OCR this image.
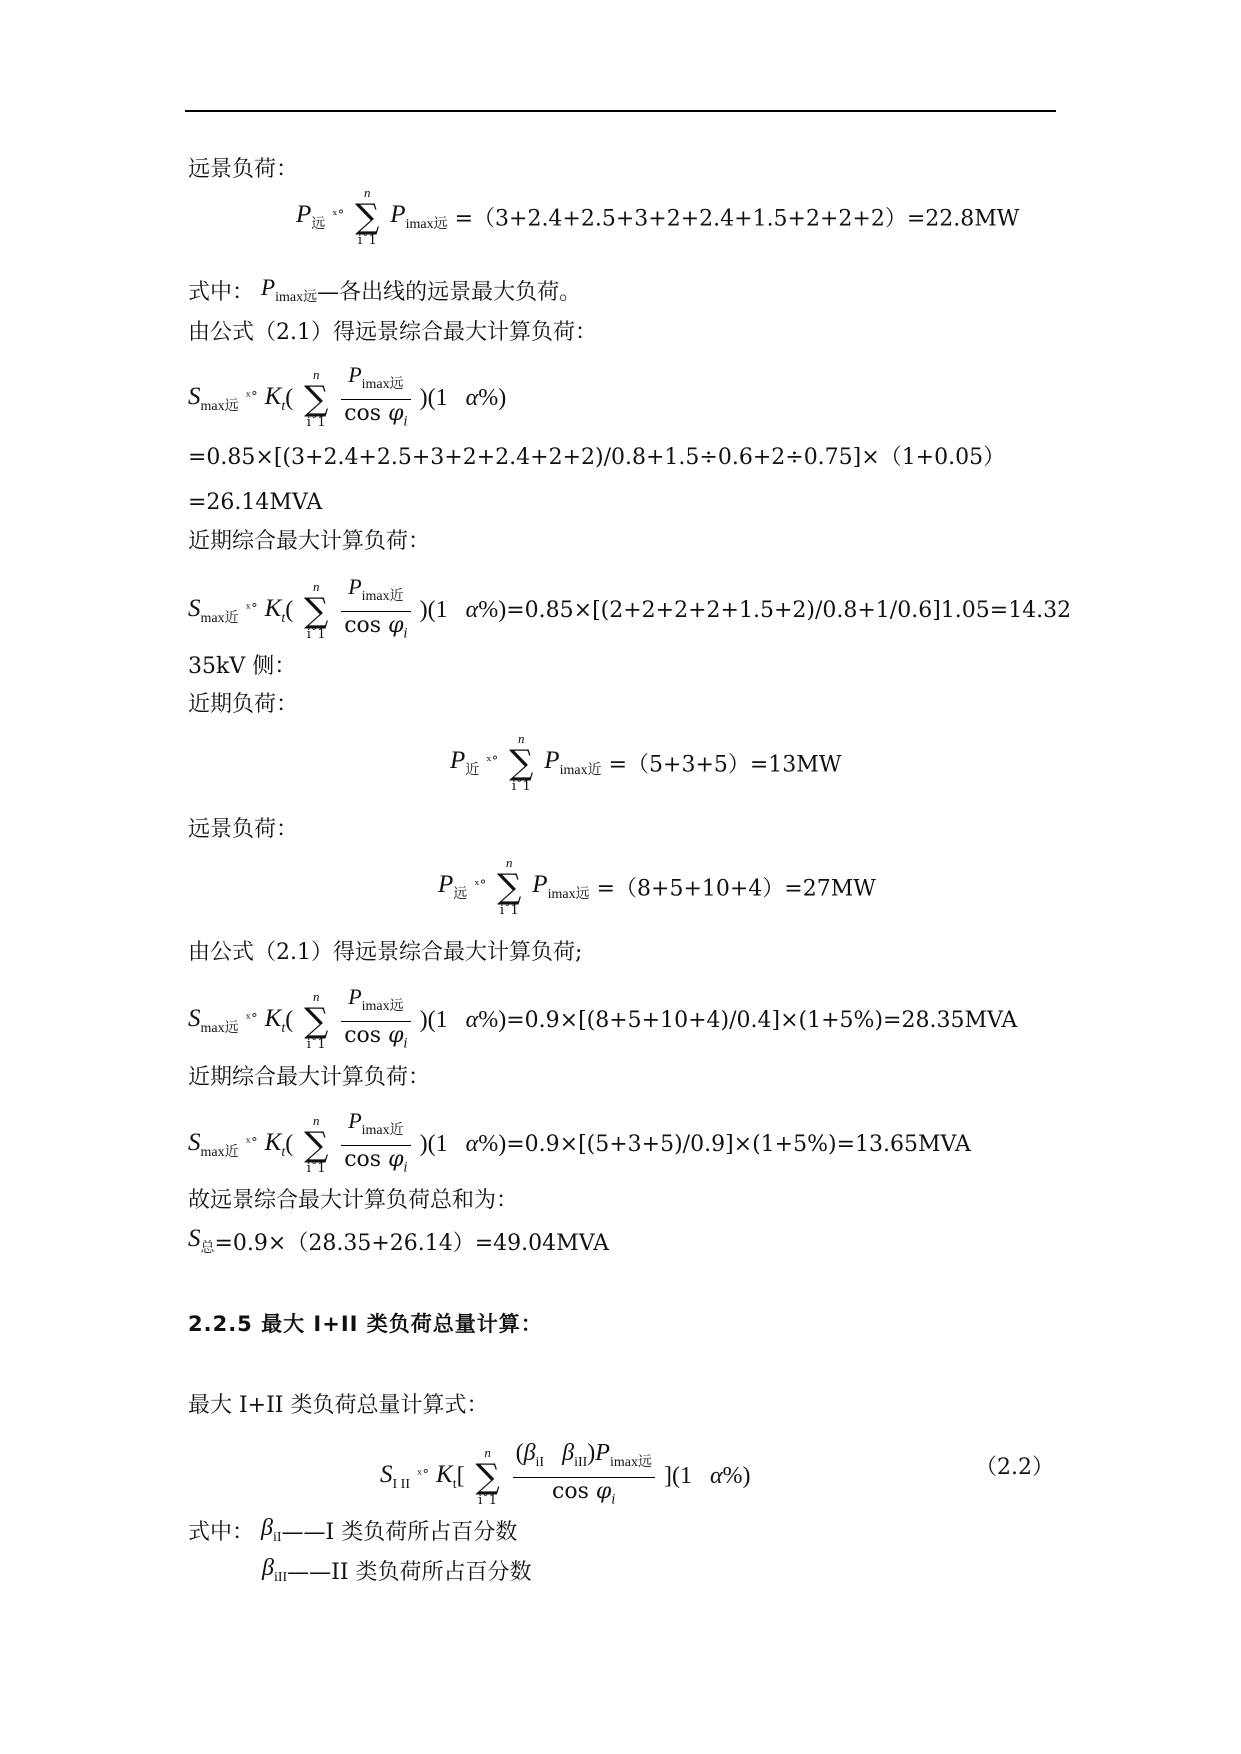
远景负荷：
$P_远$ ˣ°
n
∑
i˚1
$P_{imax远} =(3+2.4+2.5+3+2+2.4+1.5+2+2+2)=22.8MW$
式中： $P_{imax远}—$各出线的远景最大负荷。
由公式（2.1）得远景综合最大计算负荷：
$S_{max远}$ ˣ° $K_t$(
n
∑
i˚1
$\frac{P_{imax远}}{\cos \varphi_i} )(1$   α%)
=0.85×[(3+2.4+2.5+3+2+2.4+2+2)/0.8+1.5÷0.6+2÷0.75]×（1+0.05）
=26.14MVA
近期综合最大计算负荷：
$S_{max近}$ ˣ° $K_t$(
n
∑
i˚1
$\frac{P_{imax近}}{\cos \varphi_i} )(1$   α%)=0.85×[(2+2+2+2+1.5+2)/0.8+1/0.6]1.05=14.32
35kV 侧：
近期负荷：
$P_近$ ˣ°
n
∑
i˚1
$P_{imax近} =(5+3+5)=13MW$
远景负荷：
$P_远$ ˣ°
n
∑
i˚1
$P_{imax远} =(8+5+10+4)=27MW$
由公式（2.1）得远景综合最大计算负荷;
$S_{max远}$ ˣ° $K_t$(
n
∑
i˚1
$\frac{P_{imax远}}{\cos \varphi_i} )(1$   α%)=0.9×[(8+5+10+4)/0.4]×(1+5%)=28.35MVA
近期综合最大计算负荷：
$S_{max近}$ ˣ° $K_t$(
n
∑
i˚1
$\frac{P_{imax近}}{\cos \varphi_i} )(1$   α%)=0.9×[(5+3+5)/0.9]×(1+5%)=13.65MVA
故远景综合最大计算负荷总和为：
$S_总=0.9\times(28.35+26.14)=49.04MVA$
2.2.5 最大 I+II 类负荷总量计算：
最大 I+II 类负荷总量计算式：
$S_{I II}$ ˣ° $K_t$[
n
∑
i˚1
$\frac{(\beta_{iI} \beta_{iII})P_{imax远}}{\cos \varphi_i} ](1$   α%)	（2.2）
式中： $\beta_{iI}——I$ 类负荷所占百分数
$\beta_{iII}——II$ 类负荷所占百分数
